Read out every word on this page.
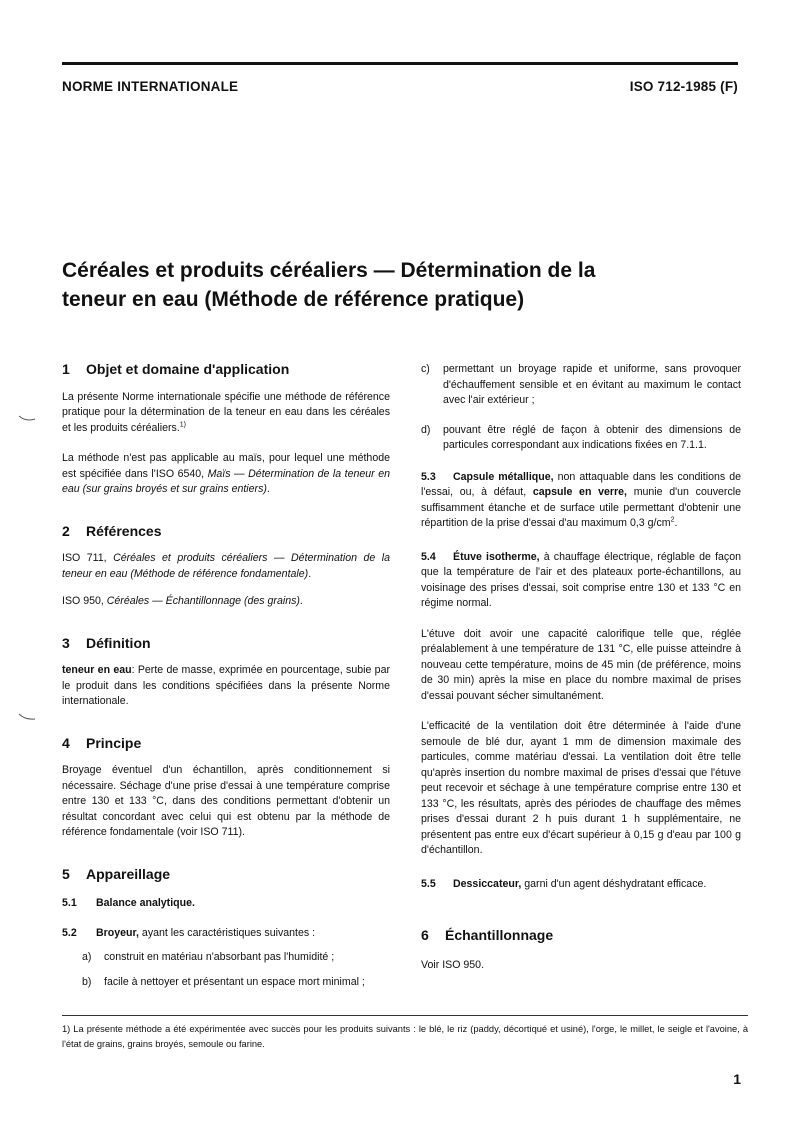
NORME INTERNATIONALE	ISO 712-1985 (F)
Céréales et produits céréaliers — Détermination de la
teneur en eau (Méthode de référence pratique)
1 Objet et domaine d'application

La présente Norme internationale spécifie une méthode de référence pratique pour la détermination de la teneur en eau dans les céréales et les produits céréaliers.$^{1)}$

La méthode n'est pas applicable au maïs, pour lequel une méthode est spécifiée dans l'ISO 6540, Maïs — Détermination de la teneur en eau (sur grains broyés et sur grains entiers).

2 Références

ISO 711, Céréales et produits céréaliers — Détermination de la teneur en eau (Méthode de référence fondamentale).

ISO 950, Céréales — Échantillonnage (des grains).

3 Définition

teneur en eau: Perte de masse, exprimée en pourcentage, subie par le produit dans les conditions spécifiées dans la présente Norme internationale.

4 Principe

Broyage éventuel d'un échantillon, après conditionnement si nécessaire. Séchage d'une prise d'essai à une température comprise entre 130 et 133 °C, dans des conditions permettant d'obtenir un résultat concordant avec celui qui est obtenu par la méthode de référence fondamentale (voir ISO 711).

5 Appareillage

5.1 Balance analytique.

5.2 Broyeur, ayant les caractéristiques suivantes :

a)	construit en matériau n'absorbant pas l'humidité ;
b)	facile à nettoyer et présentant un espace mort minimal ;
c)	permettant un broyage rapide et uniforme, sans provoquer d'échauffement sensible et en évitant au maximum le contact avec l'air extérieur ;
d)	pouvant être réglé de façon à obtenir des dimensions de particules correspondant aux indications fixées en 7.1.1.

5.3 Capsule métallique, non attaquable dans les conditions de l'essai, ou, à défaut, capsule en verre, munie d'un couvercle suffisamment étanche et de surface utile permettant d'obtenir une répartition de la prise d'essai d'au maximum 0,3 $g/cm^2$.

5.4 Étuve isotherme, à chauffage électrique, réglable de façon que la température de l'air et des plateaux porte-échantillons, au voisinage des prises d'essai, soit comprise entre 130 et 133 °C en régime normal.

L'étuve doit avoir une capacité calorifique telle que, réglée préalablement à une température de 131 °C, elle puisse atteindre à nouveau cette température, moins de 45 min (de préférence, moins de 30 min) après la mise en place du nombre maximal de prises d'essai pouvant sécher simultanément.

L'efficacité de la ventilation doit être déterminée à l'aide d'une semoule de blé dur, ayant 1 mm de dimension maximale des particules, comme matériau d'essai. La ventilation doit être telle qu'après insertion du nombre maximal de prises d'essai que l'étuve peut recevoir et séchage à une température comprise entre 130 et 133 °C, les résultats, après des périodes de chauffage des mêmes prises d'essai durant 2 h puis durant 1 h supplémentaire, ne présentent pas entre eux d'écart supérieur à 0,15 g d'eau par 100 g d'échantillon.

5.5 Dessiccateur, garni d'un agent déshydratant efficace.

6 Échantillonnage

Voir ISO 950.

1) La présente méthode a été expérimentée avec succès pour les produits suivants : le blé, le riz (paddy, décortiqué et usiné), l'orge, le millet, le seigle et l'avoine, à l'état de grains, grains broyés, semoule ou farine.
1
